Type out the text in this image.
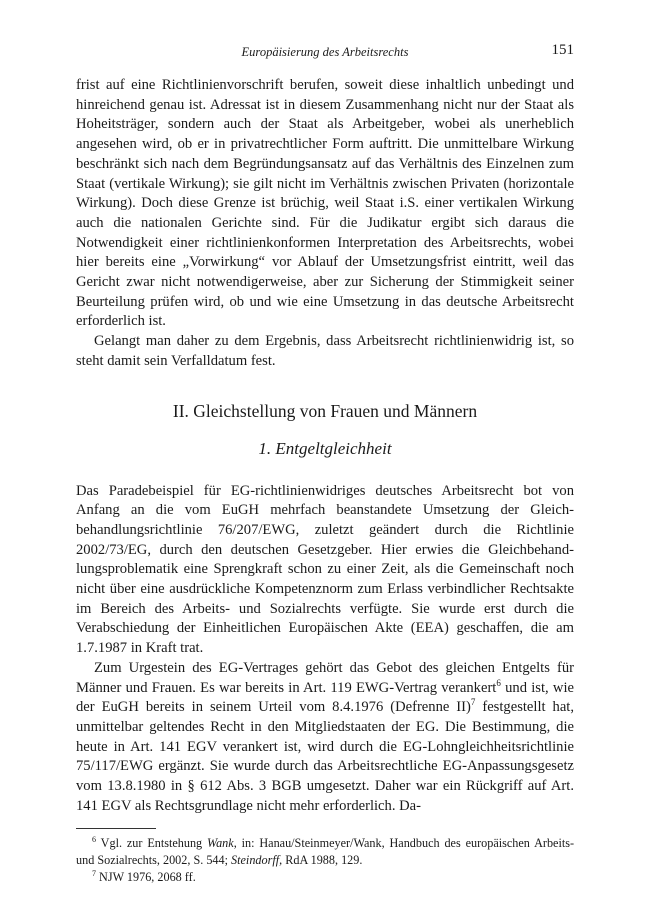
Europäisierung des Arbeitsrechts	151

frist auf eine Richtlinienvorschrift berufen, soweit diese inhaltlich unbedingt und hinreichend genau ist. Adressat ist in diesem Zusammenhang nicht nur der Staat als Hoheitsträger, sondern auch der Staat als Arbeitgeber, wobei als unerheblich angesehen wird, ob er in privatrechtlicher Form auftritt. Die unmittelbare Wirkung beschränkt sich nach dem Begründungsansatz auf das Verhältnis des Einzelnen zum Staat (vertikale Wirkung); sie gilt nicht im Verhältnis zwischen Privaten (horizontale Wirkung). Doch diese Grenze ist brüchig, weil Staat i.S. einer vertikalen Wirkung auch die nationalen Gerichte sind. Für die Judikatur ergibt sich daraus die Notwendigkeit einer richtlinienkonformen Interpretation des Arbeitsrechts, wobei hier bereits eine „Vorwirkung“ vor Ablauf der Umsetzungsfrist eintritt, weil das Gericht zwar nicht notwendigerweise, aber zur Sicherung der Stimmigkeit seiner Beurteilung prüfen wird, ob und wie eine Umsetzung in das deutsche Arbeitsrecht erforderlich ist.

Gelangt man daher zu dem Ergebnis, dass Arbeitsrecht richtlinienwidrig ist, so steht damit sein Verfalldatum fest.

II. Gleichstellung von Frauen und Männern
1. Entgeltgleichheit

Das Paradebeispiel für EG-richtlinienwidriges deutsches Arbeitsrecht bot von Anfang an die vom EuGH mehrfach beanstandete Umsetzung der Gleichbehandlungsrichtlinie 76/207/EWG, zuletzt geändert durch die Richtlinie 2002/73/EG, durch den deutschen Gesetzgeber. Hier erwies die Gleichbehandlungsproblematik eine Sprengkraft schon zu einer Zeit, als die Gemeinschaft noch nicht über eine ausdrückliche Kompetenznorm zum Erlass verbindlicher Rechtsakte im Bereich des Arbeits- und Sozialrechts verfügte. Sie wurde erst durch die Verabschiedung der Einheitlichen Europäischen Akte (EEA) geschaffen, die am 1.7.1987 in Kraft trat.

Zum Urgestein des EG-Vertrages gehört das Gebot des gleichen Entgelts für Männer und Frauen. Es war bereits in Art. 119 EWG-Vertrag verankert$^6$ und ist, wie der EuGH bereits in seinem Urteil vom 8.4.1976 (Defrenne II)$^7$ festgestellt hat, unmittelbar geltendes Recht in den Mitgliedstaaten der EG. Die Bestimmung, die heute in Art. 141 EGV verankert ist, wird durch die EG-Lohngleichheitsrichtlinie 75/117/EWG ergänzt. Sie wurde durch das Arbeitsrechtliche EG-Anpassungsgesetz vom 13.8.1980 in § 612 Abs. 3 BGB umgesetzt. Daher war ein Rückgriff auf Art. 141 EGV als Rechtsgrundlage nicht mehr erforderlich. Da-

$^6$ Vgl. zur Entstehung Wank, in: Hanau/Steinmeyer/Wank, Handbuch des europäischen Arbeits- und Sozialrechts, 2002, S. 544; Steindorff, RdA 1988, 129.

$^7$ NJW 1976, 2068 ff.
